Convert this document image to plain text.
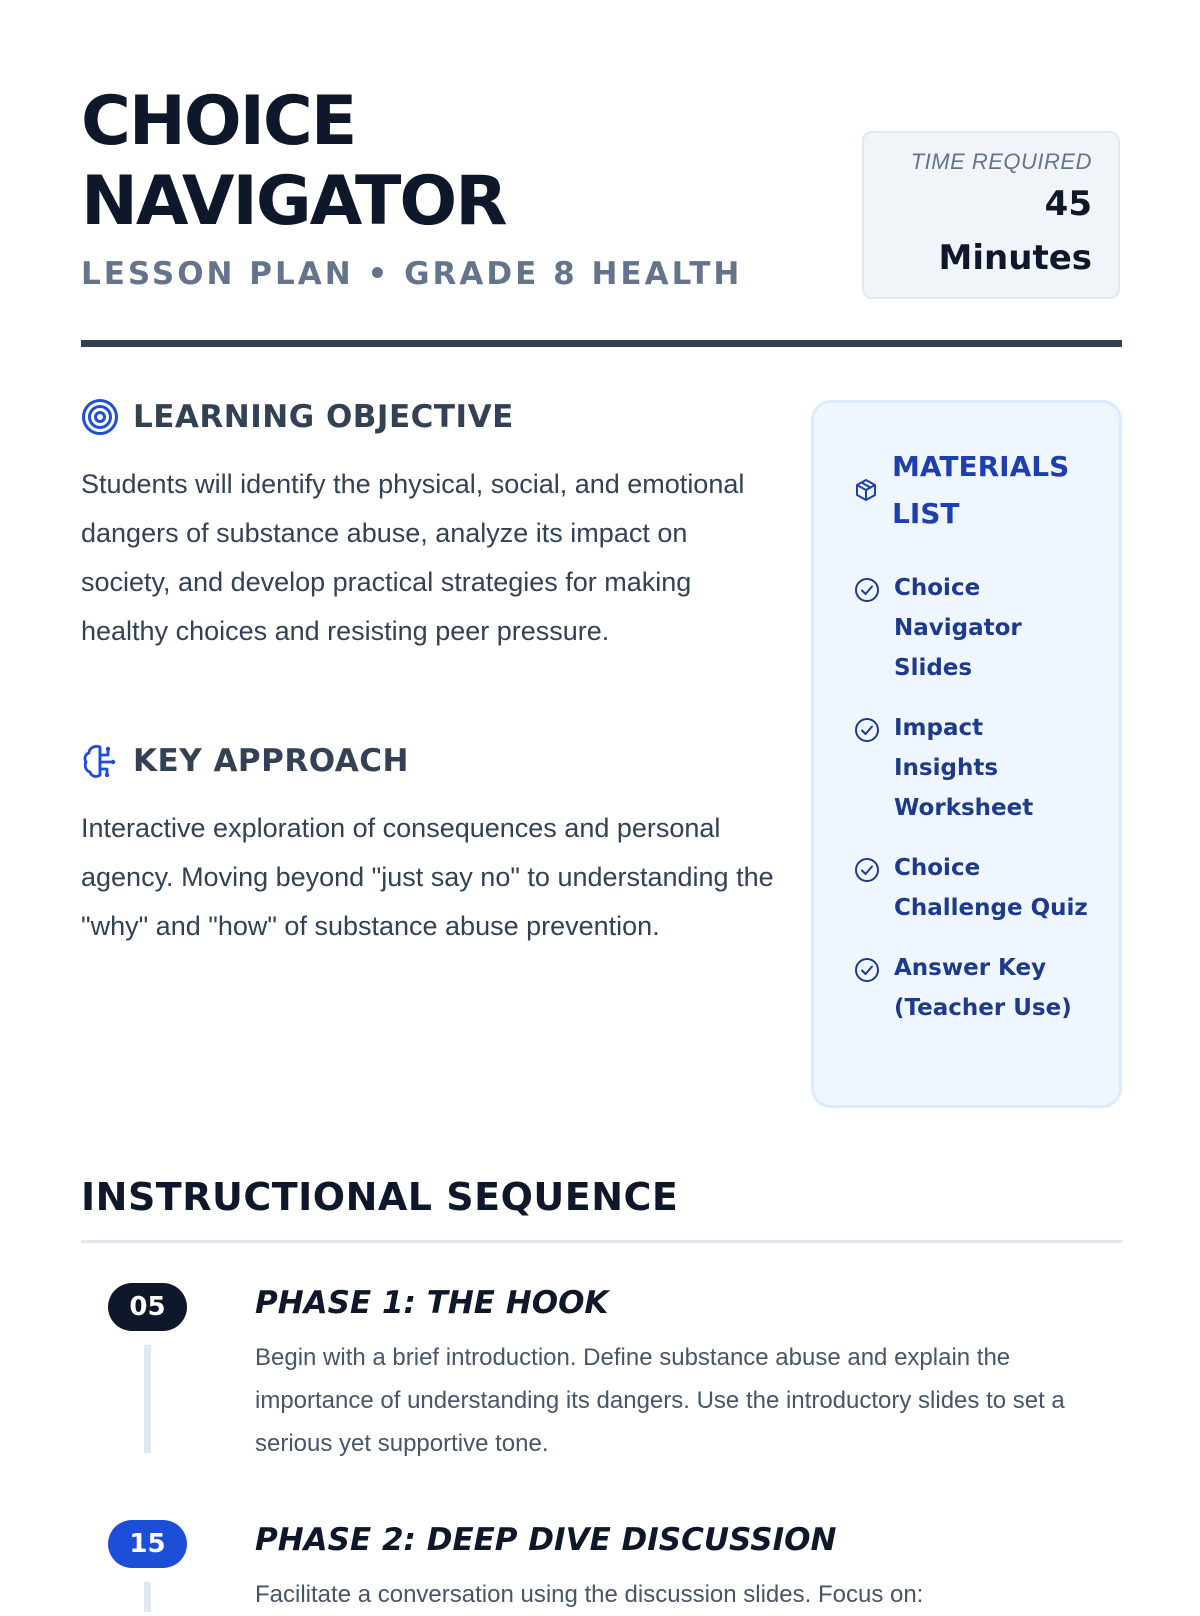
CHOICE
NAVIGATOR
LESSON PLAN • GRADE 8 HEALTH
TIME REQUIRED
45
Minutes
LEARNING OBJECTIVE

Students will identify the physical, social, and emotional dangers of substance abuse, analyze its impact on society, and develop practical strategies for making healthy choices and resisting peer pressure.

KEY APPROACH

Interactive exploration of consequences and personal agency. Moving beyond "just say no" to understanding the "why" and "how" of substance abuse prevention.

MATERIALS
LIST
Choice Navigator Slides
Impact Insights Worksheet
Choice Challenge Quiz
Answer Key (Teacher Use)
INSTRUCTIONAL SEQUENCE
05	PHASE 1: THE HOOK

Begin with a brief introduction. Define substance abuse and explain the importance of understanding its dangers. Use the introductory slides to set a serious yet supportive tone.

15	PHASE 2: DEEP DIVE DISCUSSION

Facilitate a conversation using the discussion slides. Focus on:
